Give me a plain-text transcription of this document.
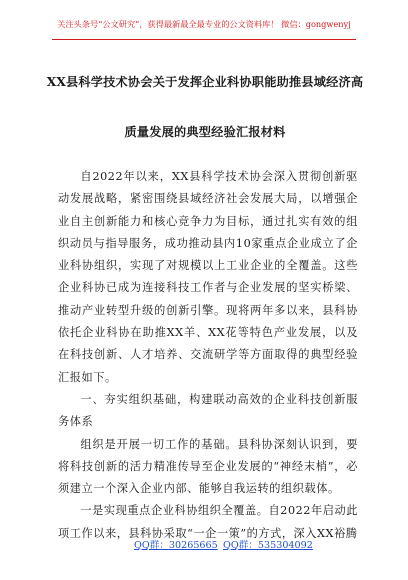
关注头条号“公文研究”，获得最新最全最专业的公文资料库！ 微信：gongwenyj
XX县科学技术协会关于发挥企业科协职能助推县域经济高
质量发展的典型经验汇报材料

自2022年以来，XX县科学技术协会深入贯彻创新驱动发展战略，紧密围绕县域经济社会发展大局，以增强企业自主创新能力和核心竞争力为目标，通过扎实有效的组织动员与指导服务，成功推动县内10家重点企业成立了企业科协组织，实现了对规模以上工业企业的全覆盖。这些企业科协已成为连接科技工作者与企业发展的坚实桥梁、推动产业转型升级的创新引擎。现将两年多以来，县科协依托企业科协在助推XX羊、XX花等特色产业发展，以及在科技创新、人才培养、交流研学等方面取得的典型经验汇报如下。

一、夯实组织基础，构建联动高效的企业科技创新服务体系

组织是开展一切工作的基础。县科协深刻认识到，要将科技创新的活力精准传导至企业发展的“神经末梢”，必须建立一个深入企业内部、能够自我运转的组织载体。

一是实现重点企业科协组织全覆盖。自2022年启动此项工作以来，县科协采取“一企一策”的方式，深入XX裕腾

QQ群：30265665 QQ群：535304092
